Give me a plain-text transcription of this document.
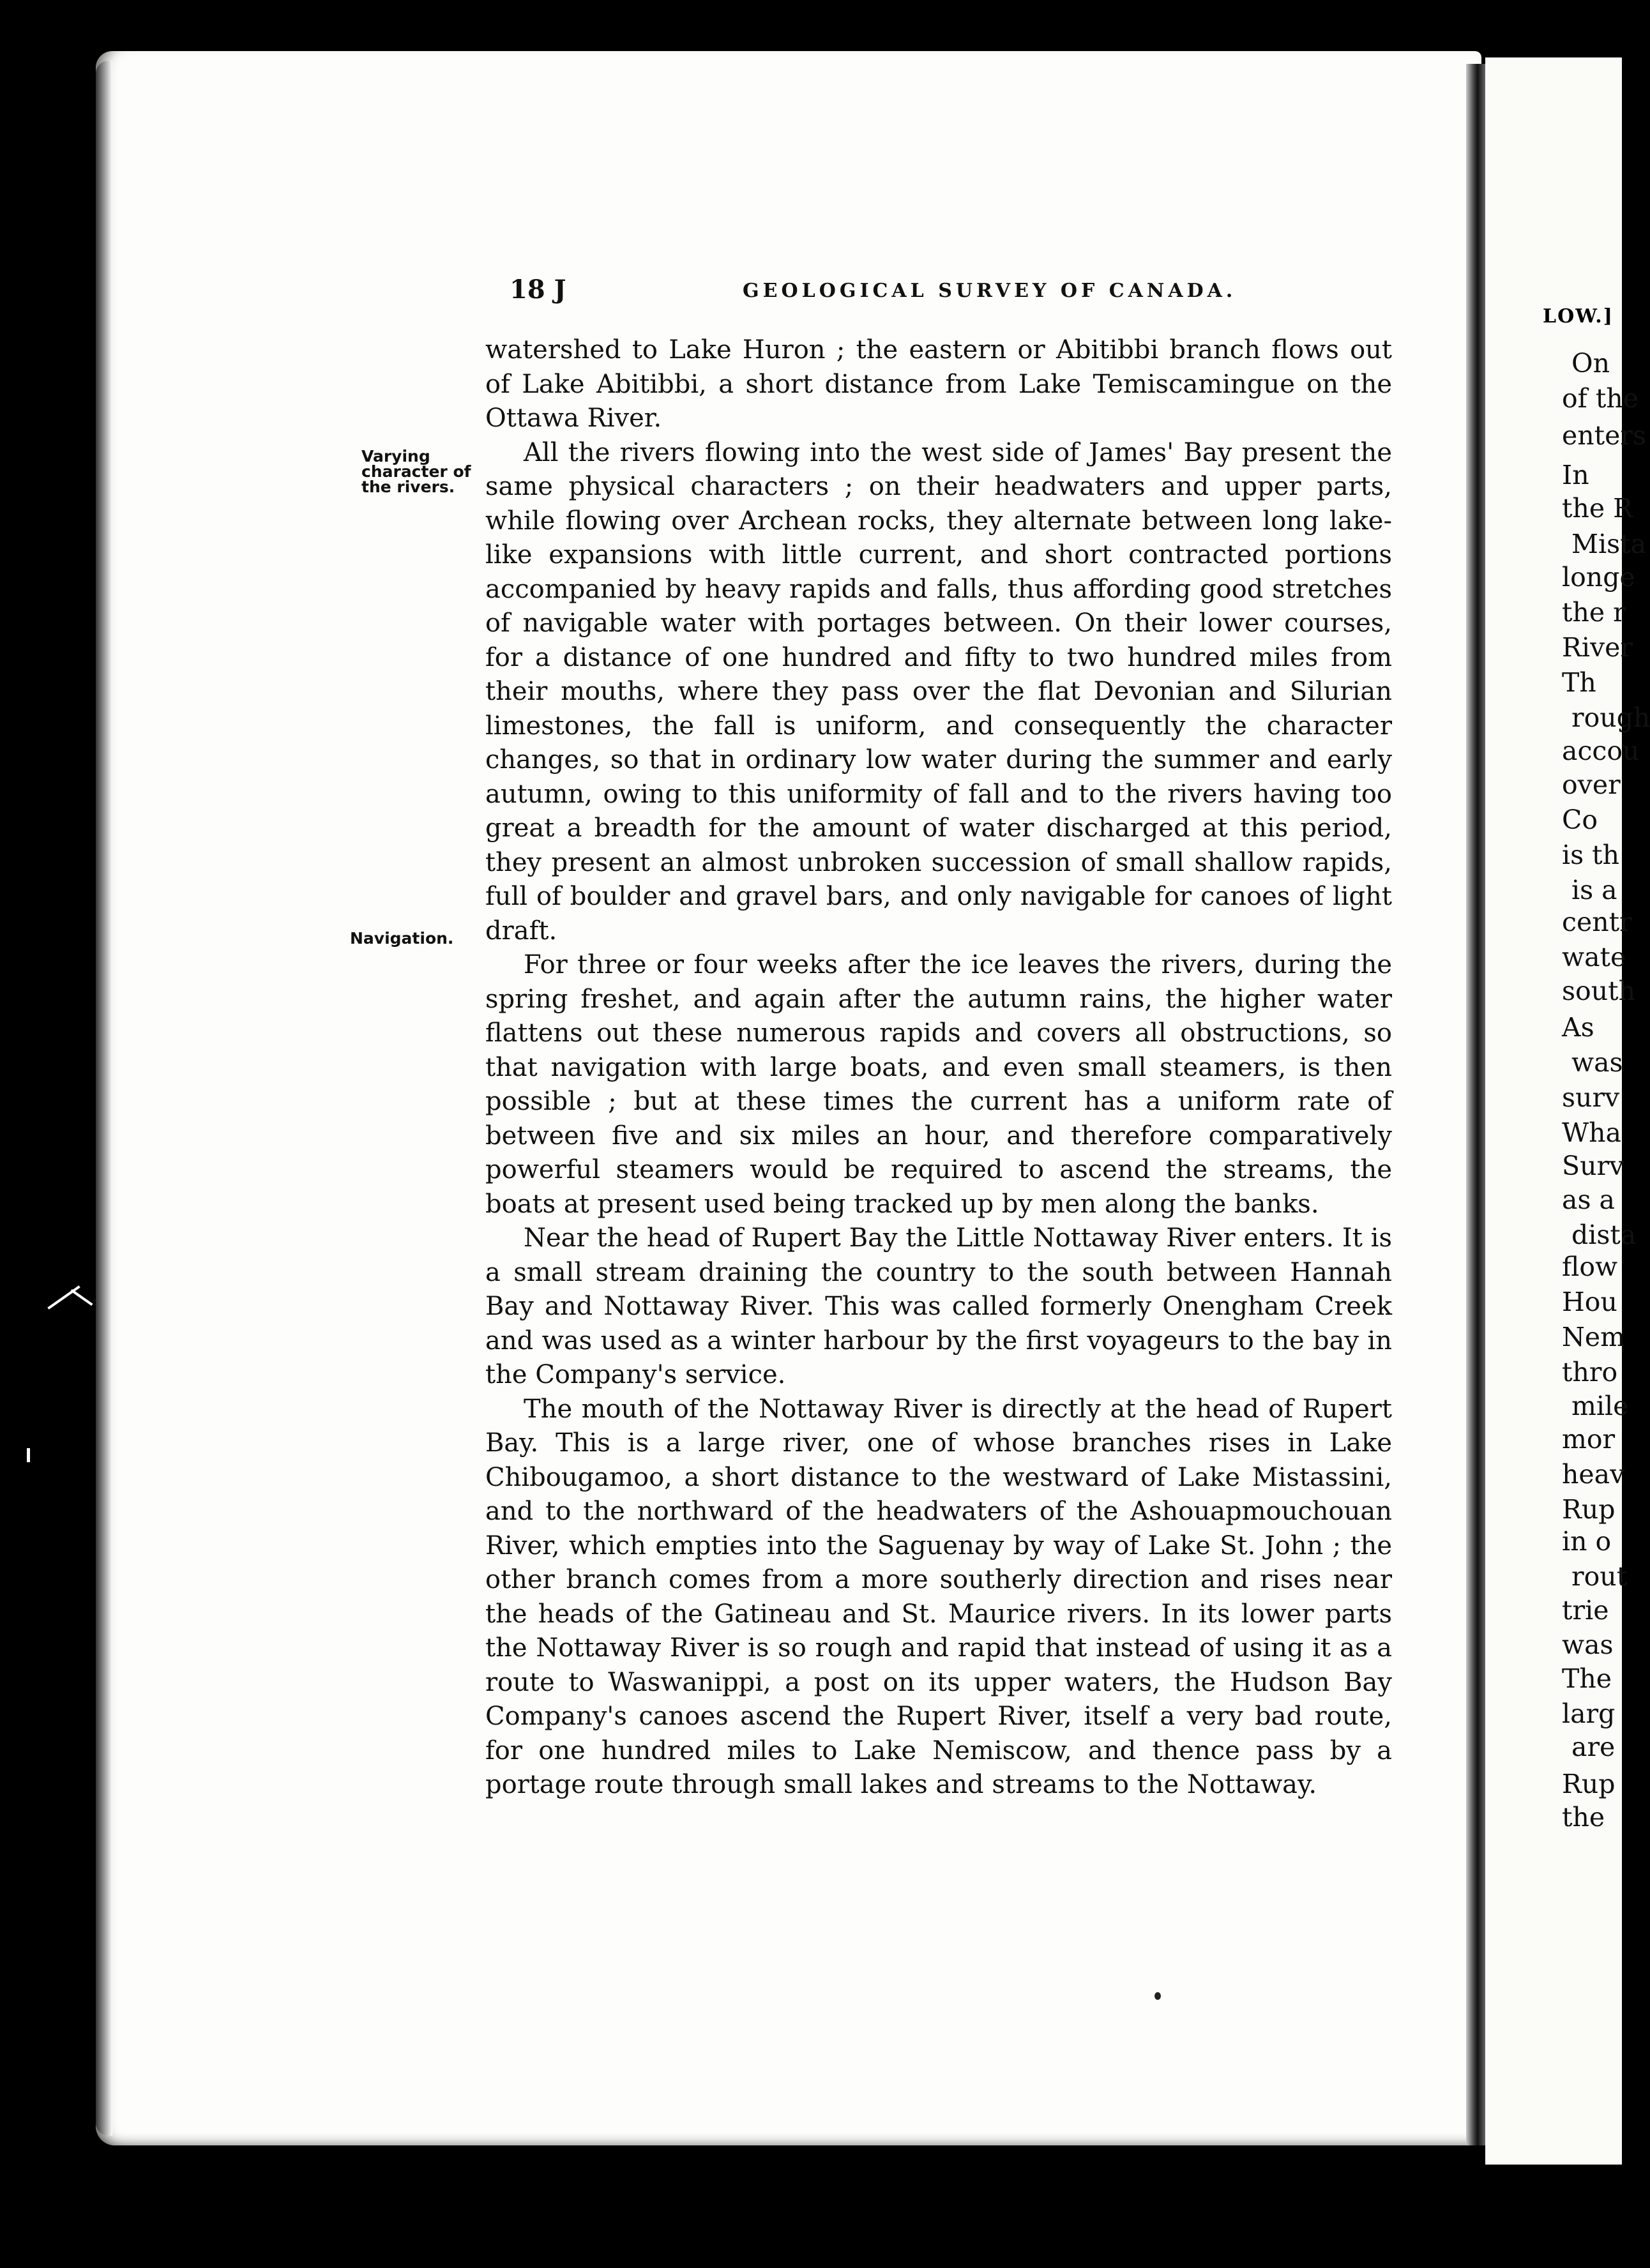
LOW.]
On
of the
enters
In
the R
Mista
longe
the r
River
Th
rough
accou
over
Co
is th
is a
centr
wate
south
As
was
surv
Wha
Surv
as a
dista
flow
Hou
Nem
thro
mile
mor
heav
Rup
in o
rout
trie
was
The
larg
are
Rup
the
18 J	GEOLOGICAL SURVEY OF CANADA.
Varying character of the rivers.
Navigation.

watershed to Lake Huron ; the eastern or Abitibbi branch flows out of Lake Abitibbi, a short distance from Lake Temiscamingue on the Ottawa River.

All the rivers flowing into the west side of James' Bay present the same physical characters ; on their headwaters and upper parts, while flowing over Archean rocks, they alternate between long lake-like expansions with little current, and short contracted portions accompanied by heavy rapids and falls, thus affording good stretches of navigable water with portages between. On their lower courses, for a distance of one hundred and fifty to two hundred miles from their mouths, where they pass over the flat Devonian and Silurian limestones, the fall is uniform, and consequently the character changes, so that in ordinary low water during the summer and early autumn, owing to this uniformity of fall and to the rivers having too great a breadth for the amount of water discharged at this period, they present an almost unbroken succession of small shallow rapids, full of boulder and gravel bars, and only navigable for canoes of light draft.

For three or four weeks after the ice leaves the rivers, during the spring freshet, and again after the autumn rains, the higher water flattens out these numerous rapids and covers all obstructions, so that navigation with large boats, and even small steamers, is then possible ; but at these times the current has a uniform rate of between five and six miles an hour, and therefore comparatively powerful steamers would be required to ascend the streams, the boats at present used being tracked up by men along the banks.

Near the head of Rupert Bay the Little Nottaway River enters. It is a small stream draining the country to the south between Hannah Bay and Nottaway River. This was called formerly Onengham Creek and was used as a winter harbour by the first voyageurs to the bay in the Company's service.

The mouth of the Nottaway River is directly at the head of Rupert Bay. This is a large river, one of whose branches rises in Lake Chibougamoo, a short distance to the westward of Lake Mistassini, and to the northward of the headwaters of the Ashouapmouchouan River, which empties into the Saguenay by way of Lake St. John ; the other branch comes from a more southerly direction and rises near the heads of the Gatineau and St. Maurice rivers. In its lower parts the Nottaway River is so rough and rapid that instead of using it as a route to Waswanippi, a post on its upper waters, the Hudson Bay Company's canoes ascend the Rupert River, itself a very bad route, for one hundred miles to Lake Nemiscow, and thence pass by a portage route through small lakes and streams to the Nottaway.
